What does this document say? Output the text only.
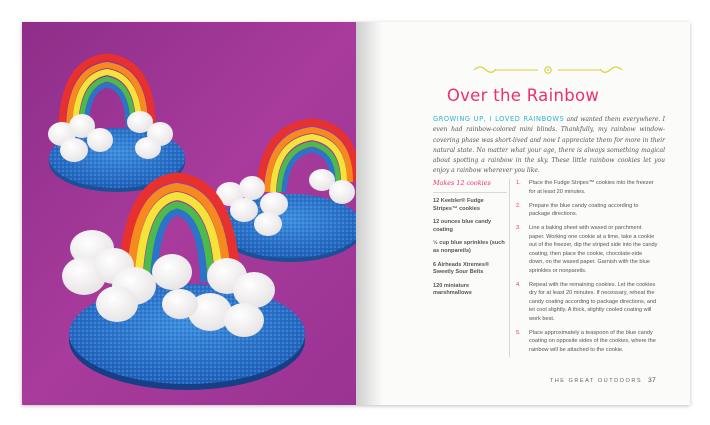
Over the Rainbow
GROWING UP, I LOVED RAINBOWS and wanted them everywhere. I even had rainbow-colored mini blinds. Thankfully, my rainbow window-covering phase was short-lived and now I appreciate them for more in their natural state. No matter what your age, there is always something magical about spotting a rainbow in the sky. These little rainbow cookies let you enjoy a rainbow wherever you like.
Makes 12 cookies
12 Keebler® Fudge Stripes™ cookies
12 ounces blue candy coating
½ cup blue sprinkles (such as nonpareils)
6 Airheads Xtremes® Sweetly Sour Belts
120 miniature marshmallows
1. Place the Fudge Stripes™ cookies into the freezer for at least 20 minutes.
2. Prepare the blue candy coating according to package directions.
3. Line a baking sheet with waxed or parchment paper. Working one cookie at a time, take a cookie out of the freezer, dip the striped side into the candy coating, then place the cookie, chocolate-side down, on the waxed paper. Garnish with the blue sprinkles or nonpareils.
4. Repeat with the remaining cookies. Let the cookies dry for at least 20 minutes. If necessary, reheat the candy coating according to package directions, and let cool slightly. A thick, slightly cooled coating will work best.
5. Place approximately a teaspoon of the blue candy coating on opposite sides of the cookies, where the rainbow will be attached to the cookie.
THE GREAT OUTDOORS 37
